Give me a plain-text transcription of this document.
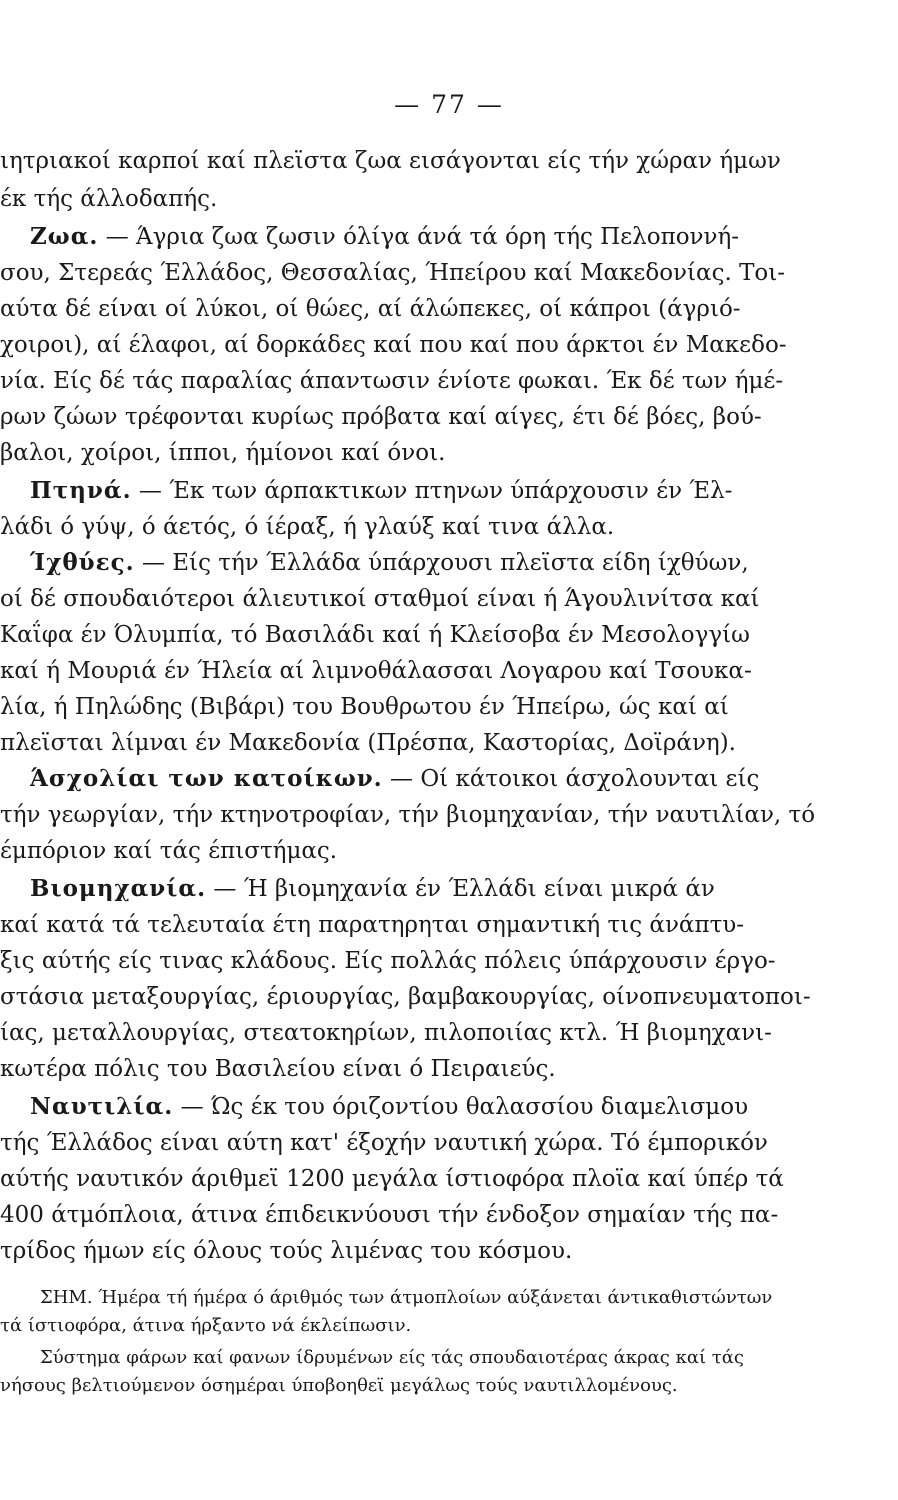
— 77 —
ιητριακοί καρποί καί πλεϊστα ζωα εισάγονται είς τήν χώραν ήμων
έκ τής άλλοδαπής.
Ζωα. — Άγρια ζωα ζωσιν όλίγα άνά τά όρη τής Πελοποννή-
σου, Στερεάς Έλλάδος, Θεσσαλίας, Ήπείρου καί Μακεδονίας. Τοι-
αύτα δέ είναι οί λύκοι, οί θώες, αί άλώπεκες, οί κάπροι (άγριό-
χοιροι), αί έλαφοι, αί δορκάδες καί που καί που άρκτοι έν Μακεδο-
νία. Είς δέ τάς παραλίας άπαντωσιν ένίοτε φωκαι. Έκ δέ των ήμέ-
ρων ζώων τρέφονται κυρίως πρόβατα καί αίγες, έτι δέ βόες, βού-
βαλοι, χοίροι, ίπποι, ήμίονοι καί όνοι.
Πτηνά. — Έκ των άρπακτικων πτηνων ύπάρχουσιν έν Έλ-
λάδι ό γύψ, ό άετός, ό ίέραξ, ή γλαύξ καί τινα άλλα.
Ίχθύες. — Είς τήν Έλλάδα ύπάρχουσι πλεϊστα είδη ίχθύων,
οί δέ σπουδαιότεροι άλιευτικοί σταθμοί είναι ή Άγουλινίτσα καί
Καΐφα έν Όλυμπία, τό Βασιλάδι καί ή Κλείσοβα έν Μεσολογγίω
καί ή Μουριά έν Ήλεία αί λιμνοθάλασσαι Λογαρου καί Τσουκα-
λία, ή Πηλώδης (Βιβάρι) του Βουθρωτου έν Ήπείρω, ώς καί αί
πλεϊσται λίμναι έν Μακεδονία (Πρέσπα, Καστορίας, Δοϊράνη).
Άσχολίαι των κατοίκων. — Οί κάτοικοι άσχολουνται είς
τήν γεωργίαν, τήν κτηνοτροφίαν, τήν βιομηχανίαν, τήν ναυτιλίαν, τό
έμπόριον καί τάς έπιστήμας.
Βιομηχανία. — Ή βιομηχανία έν Έλλάδι είναι μικρά άν
καί κατά τά τελευταία έτη παρατηρηται σημαντική τις άνάπτυ-
ξις αύτής είς τινας κλάδους. Είς πολλάς πόλεις ύπάρχουσιν έργο-
στάσια μεταξουργίας, έριουργίας, βαμβακουργίας, οίνοπνευματοποι-
ίας, μεταλλουργίας, στεατοκηρίων, πιλοποιίας κτλ. Ή βιομηχανι-
κωτέρα πόλις του Βασιλείου είναι ό Πειραιεύς.
Ναυτιλία. — Ώς έκ του όριζοντίου θαλασσίου διαμελισμου
τής Έλλάδος είναι αύτη κατ' έξοχήν ναυτική χώρα. Τό έμπορικόν
αύτής ναυτικόν άριθμεϊ 1200 μεγάλα ίστιοφόρα πλοϊα καί ύπέρ τά
400 άτμόπλοια, άτινα έπιδεικνύουσι τήν ένδοξον σημαίαν τής πα-
τρίδος ήμων είς όλους τούς λιμένας του κόσμου.
ΣΗΜ. Ήμέρα τή ήμέρα ό άριθμός των άτμοπλοίων αύξάνεται άντικαθιστώντων
τά ίστιοφόρα, άτινα ήρξαντο νά έκλείπωσιν.
Σύστημα φάρων καί φανων ίδρυμένων είς τάς σπουδαιοτέρας άκρας καί τάς
νήσους βελτιούμενον όσημέραι ύποβοηθεϊ μεγάλως τούς ναυτιλλομένους.
